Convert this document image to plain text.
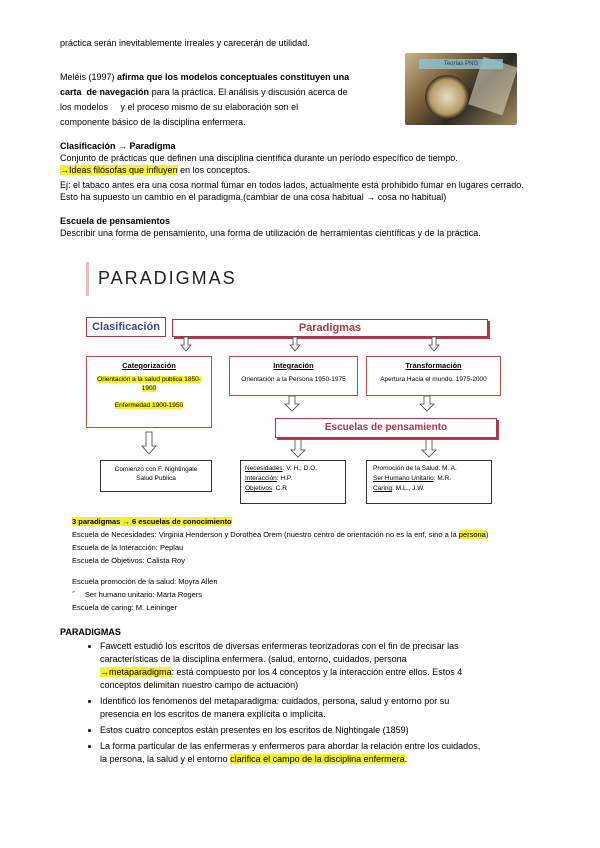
práctica serán inevitablemente irreales y carecerán de utilidad.
Meléis (1997) afirma que los modelos conceptuales constituyen una
carta de navegación para la práctica. El análisis y discusión acerca de
los modelos     y el proceso mismo de su elaboración son el
componente básico de la disciplina enfermera.
Teorías PNG
Clasificación → Paradigma
Conjunto de prácticas que definen una disciplina científica durante un período específico de tiempo.
→Ideas filósofas que influyen en los conceptos.
Ej: el tabaco antes era una cosa normal fumar en todos lados, actualmente está prohibido fumar en lugares cerrado.
Esto ha supuesto un cambio en el paradigma.(cambiar de una cosa habitual → cosa no habitual)
Escuela de pensamientos
Describir una forma de pensamiento, una forma de utilización de herramientas científicas y de la práctica.
PARADIGMAS
Clasificación	Paradigmas
Categorización
Orientación a la salud publica 1850-
1900
Enfermedad 1900-1950
Integración
Orientación a la Persona 1950-1975
Transformación
Apertura Hacia el mundo. 1975-2000
Escuelas de pensamiento
Comienzo con F. Nightingale
Salud Publica
Necesidades: V. H., D.O.
Interacción: H.P.
Objetivos: C.R
Promoción de la Salud: M. A.
Ser Humano Unitario: M.R.
Caring: M.L., J.W.
3 paradigmas → 6 escuelas de conocimiento
Escuela de Necesidades: Virginia Henderson y Dorothea Orem (nuestro centro de orientación no es la enf, sino a la persona)
Escuela de la Interacción: Peplau
Escuela de Objetivos: Calista Roy
Escuela promoción de la salud: Moyra Allen
˝     Ser humano unitario: Marta Rogers
Escuela de caring: M. Leininger
PARADIGMAS
• Fawcett estudió los escritos de diversas enfermeras teorizadoras con el fin de precisar las
características de la disciplina enfermera. (salud, entorno, cuidados, persona
→metaparadigma: está compuesto por los 4 conceptos y la interacción entre ellos. Estos 4
conceptos delimitan nuestro campo de actuación)
• Identificó los fenómenos del metaparadigma: cuidados, persona, salud y entorno por su
presencia en los escritos de manera explícita o implícita.
• Estos cuatro conceptos están presentes en los escritos de Nightingale (1859)
• La forma particular de las enfermeras y enfermeros para abordar la relación entre los cuidados,
la persona, la salud y el entorno clarifica el campo de la disciplina enfermera.
